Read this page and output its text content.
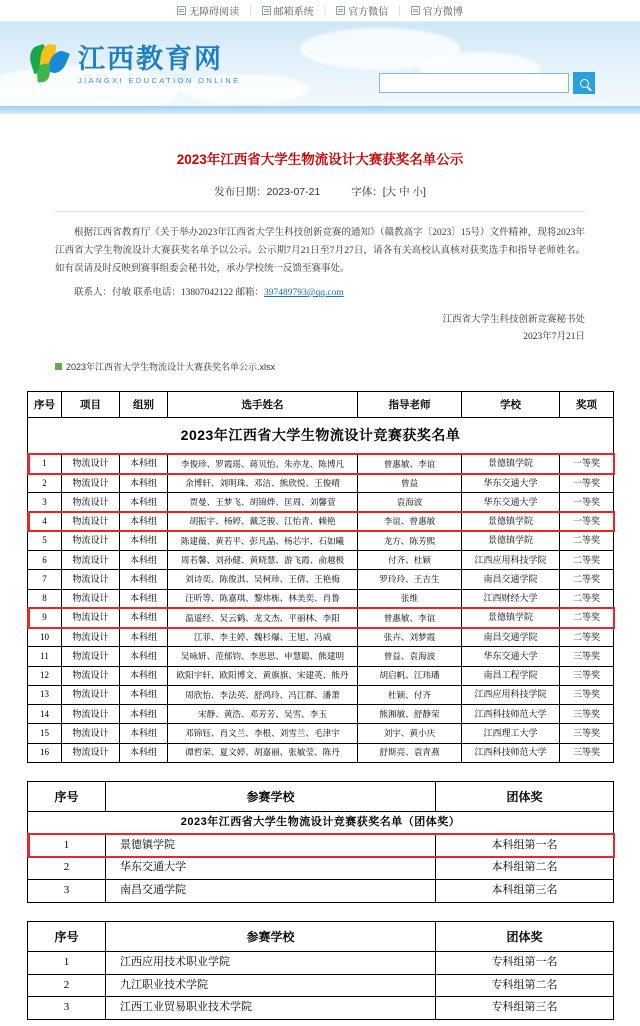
无障碍阅读 | 邮箱系统 | 官方微信 | 官方微博
江西教育网
JIANGXI EDUCATION ONLINE
2023年江西省大学生物流设计大赛获奖名单公示
发布日期：2023-07-21	字体：[大 中 小]

根据江西省教育厅《关于举办2023年江西省大学生科技创新竞赛的通知》（赣教高字〔2023〕15号）文件精神，现将2023年江西省大学生物流设计大赛获奖名单予以公示。公示期7月21日至7月27日，请各有关高校认真核对获奖选手和指导老师姓名。如有误请及时反映到赛事组委会秘书处，承办学校统一反馈至赛事处。

联系人：付敏 联系电话：13807042122 邮箱：397489793@qq.com
江西省大学生科技创新竞赛秘书处
2023年7月21日
2023年江西省大学生物流设计大赛获奖名单公示.xlsx
2023年江西省大学生物流设计竞赛获奖名单						
序号	项目	组别	选手姓名	指导老师	学校	奖项
1	物流设计	本科组	李俊珍、罗霞瑶、蒋贝怡、朱亦龙、陈博凡	曾惠敏、李谊	景德镇学院	一等奖
2	物流设计	本科组	余博轩、刘明珠、邓洁、熊欣悦、王俊晴	曾益	华东交通大学	一等奖
3	物流设计	本科组	贾曼、王梦飞、胡锦烨、匡周、刘馨萱	袁海波	华东交通大学	一等奖
4	物流设计	本科组	胡振宇、杨婷、戴芝骏、江怡青、赖艳	李谊、曾惠敏	景德镇学院	一等奖
5	物流设计	本科组	陈建薇、黄若平、彭凡晶、杨芯宇、石如曦	龙方、陈芳熙	景德镇学院	二等奖
6	物流设计	本科组	周若馨、刘孙健、黄晓慧、游飞霞、俞越极	付齐、杜颖	江西应用科技学院	二等奖
7	物流设计	本科组	刘诗奕、陈俊淇、吴柯珍、王倩、王艳梅	罗玲玲、王吉生	南昌交通学院	二等奖
8	物流设计	本科组	汪昕等、陈嘉琪、黎炜栋、林美奕、肖鲁	张维	江西财经大学	二等奖
9	物流设计	本科组	温遥经、吴云鹤、龙文杰、平丽林、李阳	曾惠敏、李谊	景德镇学院	二等奖
10	物流设计	本科组	江菲、李主婷、魏杉爆、王旭、冯威	张卉、刘梦霞	南昌交通学院	二等奖
11	物流设计	本科组	吴咏妍、范郁钧、李思思、申慧聪、熊建明	曾益、袁海波	华东交通大学	三等奖
12	物流设计	本科组	欧阳宇轩、欧阳博文、黄旗旗、宋建英、熊丹	胡启帆、江玮璠	南昌工程学院	三等奖
13	物流设计	本科组	周欣怡、李法英、舒鸿玲、冯江群、潘萧	杜颖、付齐	江西应用科技学院	三等奖
14	物流设计	本科组	宋静、黄浩、邓芳芳、吴雪、李玉	熊湘敏、舒静荣	江西科技师范大学	三等奖
15	物流设计	本科组	邓锦钰、肖文兰、李根、刘雪兰、毛津宇	刘宇、黄小庆	江西理工大学	三等奖
16	物流设计	本科组	谭哲荣、夏文婷、胡嘉丽、张敏莹、陈丹	舒斯亮、袁青燕	江西科技师范大学	三等奖
2023年江西省大学生物流设计竞赛获奖名单（团体奖）		
序号	参赛学校	团体奖
1	景德镇学院	本科组第一名
2	华东交通大学	本科组第二名
3	南昌交通学院	本科组第三名
序号	参赛学校	团体奖
1	江西应用技术职业学院	专科组第一名
2	九江职业技术学院	专科组第二名
3	江西工业贸易职业技术学院	专科组第三名
